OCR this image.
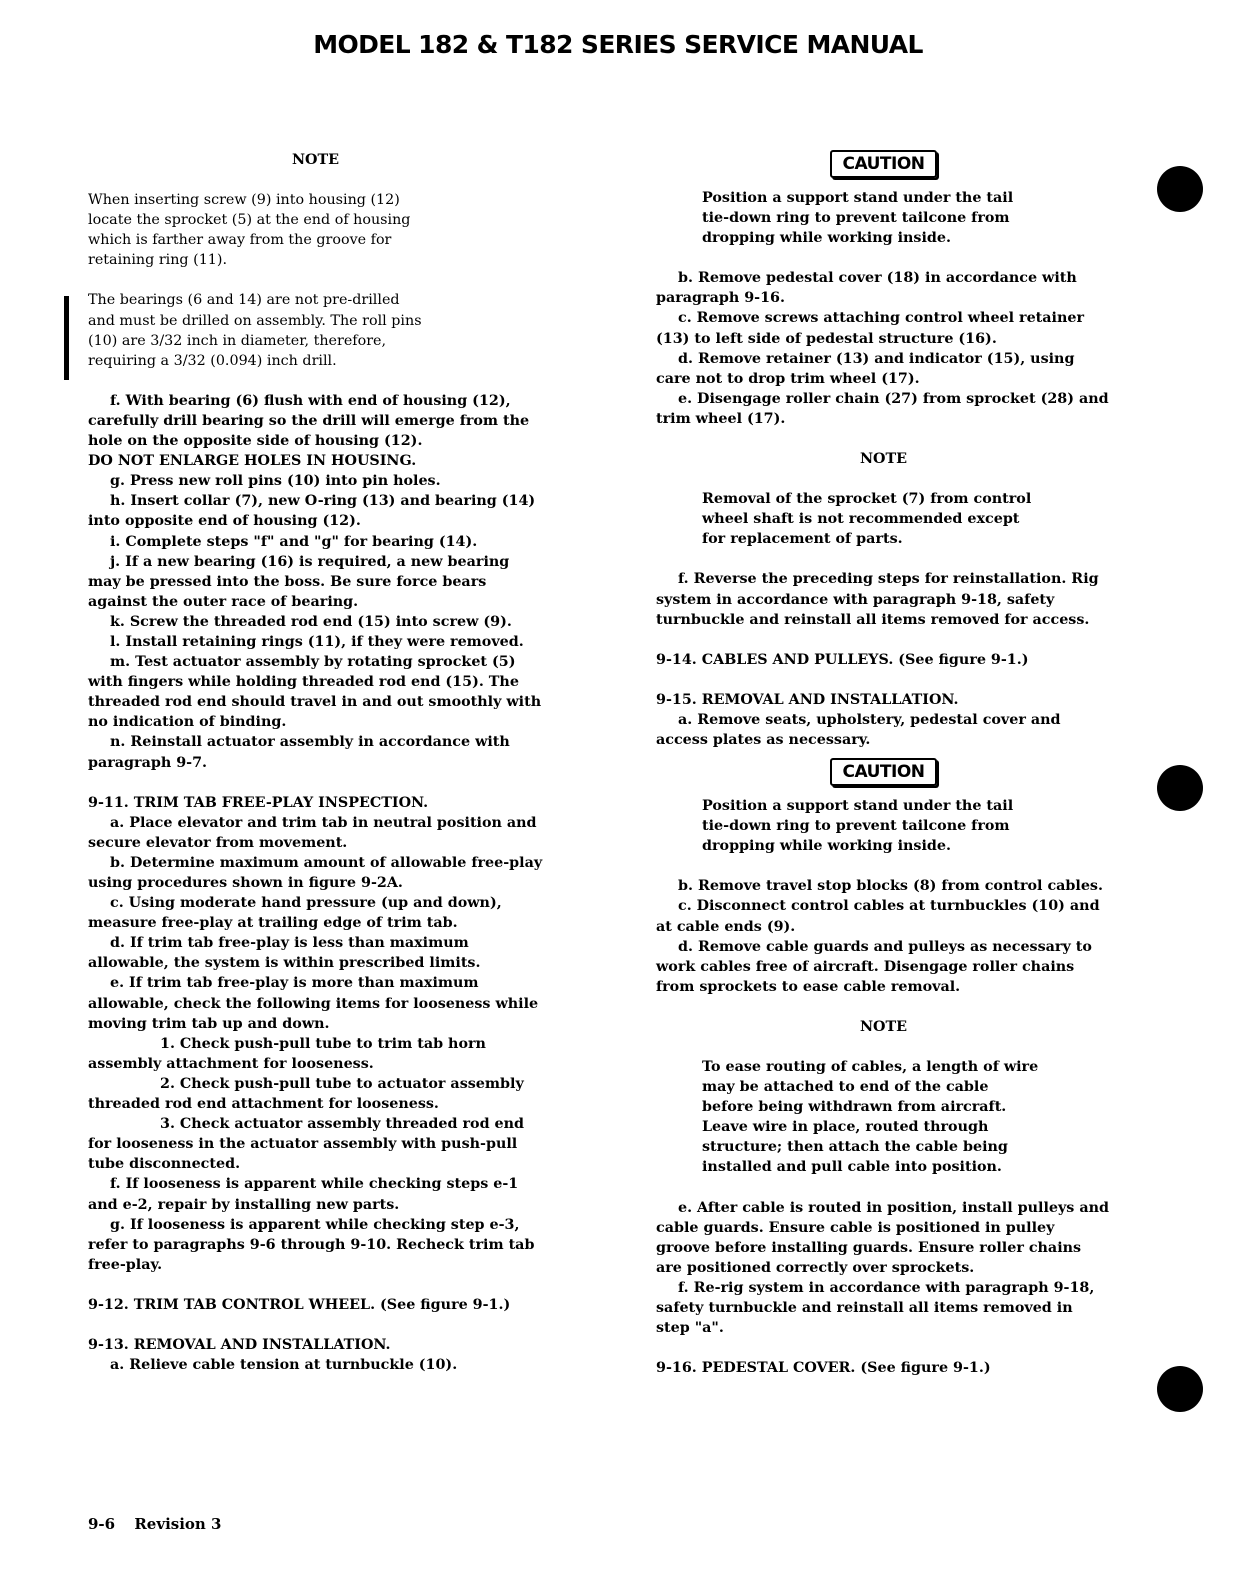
MODEL 182 & T182 SERIES SERVICE MANUAL

NOTE

When inserting screw (9) into housing (12) locate the sprocket (5) at the end of housing which is farther away from the groove for retaining ring (11).

The bearings (6 and 14) are not pre-drilled and must be drilled on assembly. The roll pins (10) are 3/32 inch in diameter, therefore, requiring a 3/32 (0.094) inch drill.

f. With bearing (6) flush with end of housing (12), carefully drill bearing so the drill will emerge from the hole on the opposite side of housing (12).

DO NOT ENLARGE HOLES IN HOUSING.

g. Press new roll pins (10) into pin holes.

h. Insert collar (7), new O-ring (13) and bearing (14) into opposite end of housing (12).

i. Complete steps "f" and "g" for bearing (14).

j. If a new bearing (16) is required, a new bearing may be pressed into the boss. Be sure force bears against the outer race of bearing.

k. Screw the threaded rod end (15) into screw (9).

l. Install retaining rings (11), if they were removed.

m. Test actuator assembly by rotating sprocket (5) with fingers while holding threaded rod end (15). The threaded rod end should travel in and out smoothly with no indication of binding.

n. Reinstall actuator assembly in accordance with paragraph 9-7.

9-11. TRIM TAB FREE-PLAY INSPECTION.

a. Place elevator and trim tab in neutral position and secure elevator from movement.

b. Determine maximum amount of allowable free-play using procedures shown in figure 9-2A.

c. Using moderate hand pressure (up and down), measure free-play at trailing edge of trim tab.

d. If trim tab free-play is less than maximum allowable, the system is within prescribed limits.

e. If trim tab free-play is more than maximum allowable, check the following items for looseness while moving trim tab up and down.

1. Check push-pull tube to trim tab horn assembly attachment for looseness.

2. Check push-pull tube to actuator assembly threaded rod end attachment for looseness.

3. Check actuator assembly threaded rod end for looseness in the actuator assembly with push-pull tube disconnected.

f. If looseness is apparent while checking steps e-1 and e-2, repair by installing new parts.

g. If looseness is apparent while checking step e-3, refer to paragraphs 9-6 through 9-10. Recheck trim tab free-play.

9-12. TRIM TAB CONTROL WHEEL. (See figure 9-1.)

9-13. REMOVAL AND INSTALLATION.

a. Relieve cable tension at turnbuckle (10).

CAUTION

Position a support stand under the tail tie-down ring to prevent tailcone from dropping while working inside.

b. Remove pedestal cover (18) in accordance with paragraph 9-16.

c. Remove screws attaching control wheel retainer (13) to left side of pedestal structure (16).

d. Remove retainer (13) and indicator (15), using care not to drop trim wheel (17).

e. Disengage roller chain (27) from sprocket (28) and trim wheel (17).

NOTE

Removal of the sprocket (7) from control wheel shaft is not recommended except for replacement of parts.

f. Reverse the preceding steps for reinstallation. Rig system in accordance with paragraph 9-18, safety turnbuckle and reinstall all items removed for access.

9-14. CABLES AND PULLEYS. (See figure 9-1.)

9-15. REMOVAL AND INSTALLATION.

a. Remove seats, upholstery, pedestal cover and access plates as necessary.

CAUTION

Position a support stand under the tail tie-down ring to prevent tailcone from dropping while working inside.

b. Remove travel stop blocks (8) from control cables.

c. Disconnect control cables at turnbuckles (10) and at cable ends (9).

d. Remove cable guards and pulleys as necessary to work cables free of aircraft. Disengage roller chains from sprockets to ease cable removal.

NOTE

To ease routing of cables, a length of wire may be attached to end of the cable before being withdrawn from aircraft. Leave wire in place, routed through structure; then attach the cable being installed and pull cable into position.

e. After cable is routed in position, install pulleys and cable guards. Ensure cable is positioned in pulley groove before installing guards. Ensure roller chains are positioned correctly over sprockets.

f. Re-rig system in accordance with paragraph 9-18, safety turnbuckle and reinstall all items removed in step "a".

9-16. PEDESTAL COVER. (See figure 9-1.)

9-6 Revision 3
